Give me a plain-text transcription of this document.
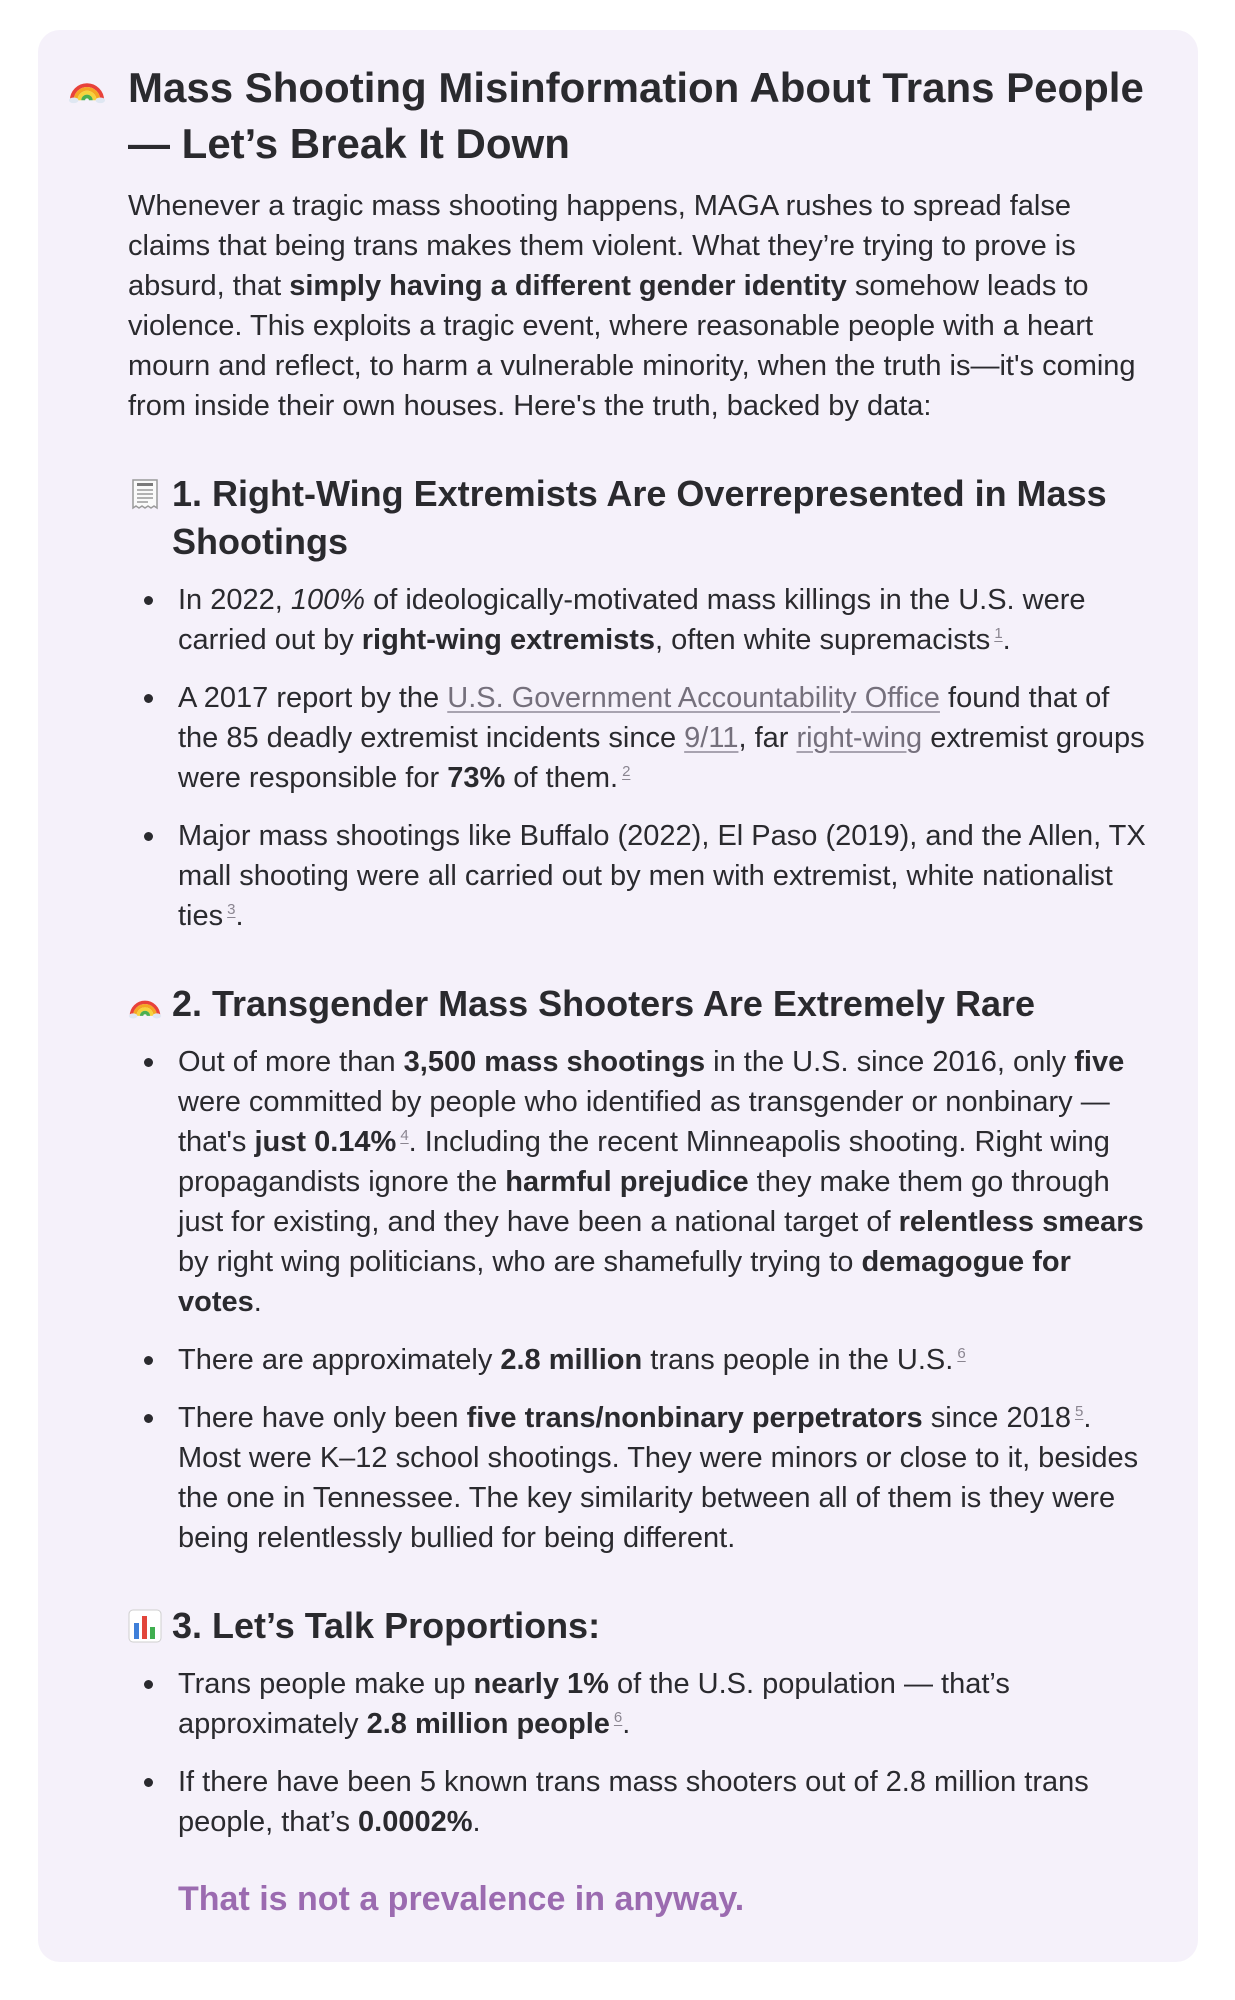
Mass Shooting Misinformation About Trans People — Let’s Break It Down

Whenever a tragic mass shooting happens, MAGA rushes to spread false claims that being trans makes them violent. What they’re trying to prove is absurd, that simply having a different gender identity somehow leads to violence. This exploits a tragic event, where reasonable people with a heart mourn and reflect, to harm a vulnerable minority, when the truth is—it's coming from inside their own houses. Here's the truth, backed by data:

1. Right-Wing Extremists Are Overrepresented in Mass Shootings
In 2022, 100% of ideologically-motivated mass killings in the U.S. were carried out by right-wing extremists, often white supremacists $^1$.
A 2017 report by the U.S. Government Accountability Office found that of the 85 deadly extremist incidents since 9/11, far right-wing extremist groups were responsible for 73% of them. $^2$
Major mass shootings like Buffalo (2022), El Paso (2019), and the Allen, TX mall shooting were all carried out by men with extremist, white nationalist ties $^3$.
2. Transgender Mass Shooters Are Extremely Rare
Out of more than 3,500 mass shootings in the U.S. since 2016, only five were committed by people who identified as transgender or nonbinary — that's just 0.14% $^4$. Including the recent Minneapolis shooting. Right wing propagandists ignore the harmful prejudice they make them go through just for existing, and they have been a national target of relentless smears by right wing politicians, who are shamefully trying to demagogue for votes.
There are approximately 2.8 million trans people in the U.S. $^6$
There have only been five trans/nonbinary perpetrators since 2018 $^5$. Most were K–12 school shootings. They were minors or close to it, besides the one in Tennessee. The key similarity between all of them is they were being relentlessly bullied for being different.
3. Let’s Talk Proportions:
Trans people make up nearly 1% of the U.S. population — that’s approximately 2.8 million people $^6$.
If there have been 5 known trans mass shooters out of 2.8 million trans people, that’s 0.0002%.
That is not a prevalence in anyway.
